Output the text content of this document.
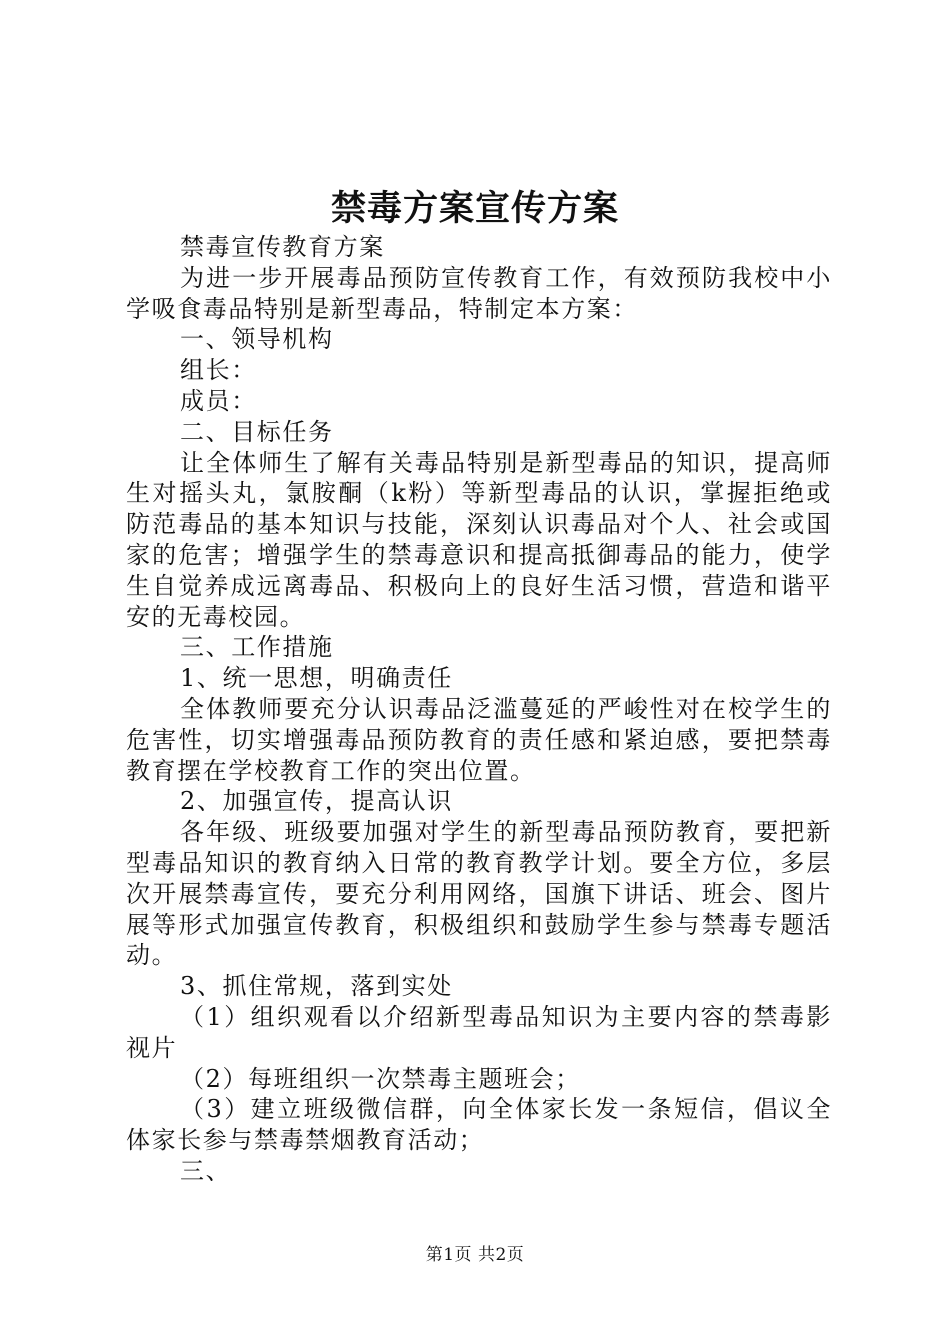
禁毒方案宣传方案

禁毒宣传教育方案

为进一步开展毒品预防宣传教育工作，有效预防我校中小学吸食毒品特别是新型毒品，特制定本方案：

一、领导机构

组长：

成员：

二、目标任务

让全体师生了解有关毒品特别是新型毒品的知识，提高师生对摇头丸，氯胺酮（k粉）等新型毒品的认识，掌握拒绝或防范毒品的基本知识与技能，深刻认识毒品对个人、社会或国家的危害；增强学生的禁毒意识和提高抵御毒品的能力，使学生自觉养成远离毒品、积极向上的良好生活习惯，营造和谐平安的无毒校园。

三、工作措施

1、统一思想，明确责任

全体教师要充分认识毒品泛滥蔓延的严峻性对在校学生的危害性，切实增强毒品预防教育的责任感和紧迫感，要把禁毒教育摆在学校教育工作的突出位置。

2、加强宣传，提高认识

各年级、班级要加强对学生的新型毒品预防教育，要把新型毒品知识的教育纳入日常的教育教学计划。要全方位，多层次开展禁毒宣传，要充分利用网络，国旗下讲话、班会、图片展等形式加强宣传教育，积极组织和鼓励学生参与禁毒专题活动。

3、抓住常规，落到实处

（1）组织观看以介绍新型毒品知识为主要内容的禁毒影视片

（2）每班组织一次禁毒主题班会；

（3）建立班级微信群，向全体家长发一条短信，倡议全体家长参与禁毒禁烟教育活动；

三、

第1页 共2页
